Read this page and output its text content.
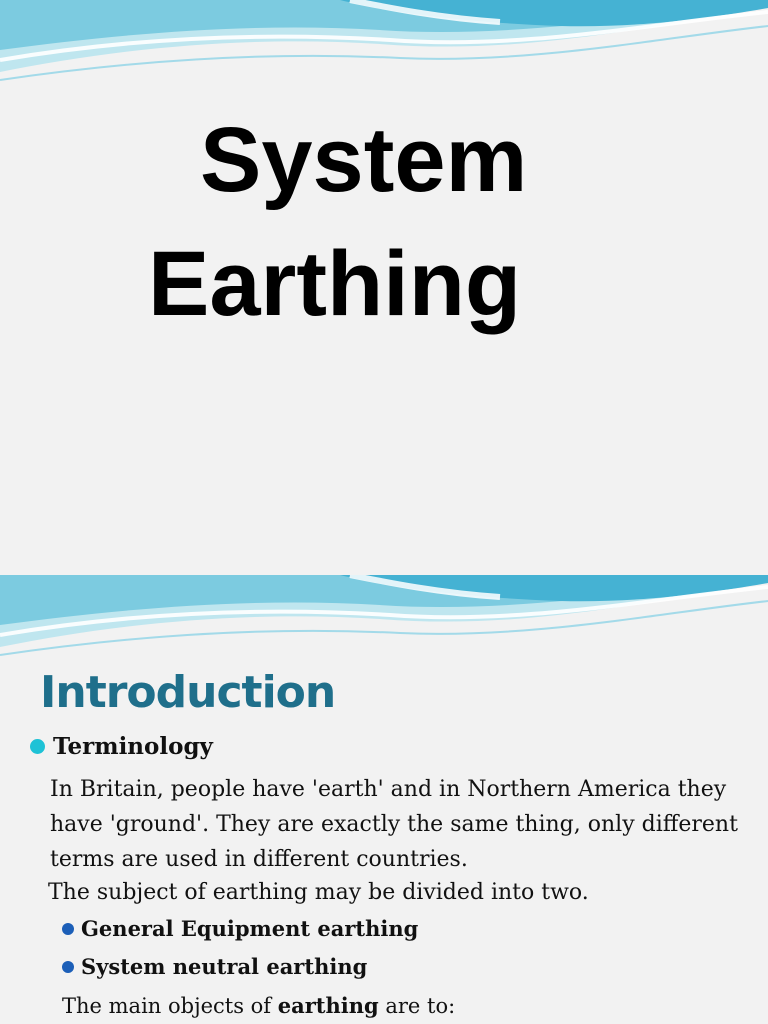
System
Earthing
Introduction
Terminology

In Britain, people have 'earth' and in Northern America they have 'ground'. They are exactly the same thing, only different terms are used in different countries.

The subject of earthing may be divided into two.
General Equipment earthing
System neutral earthing
The main objects of earthing are to:
